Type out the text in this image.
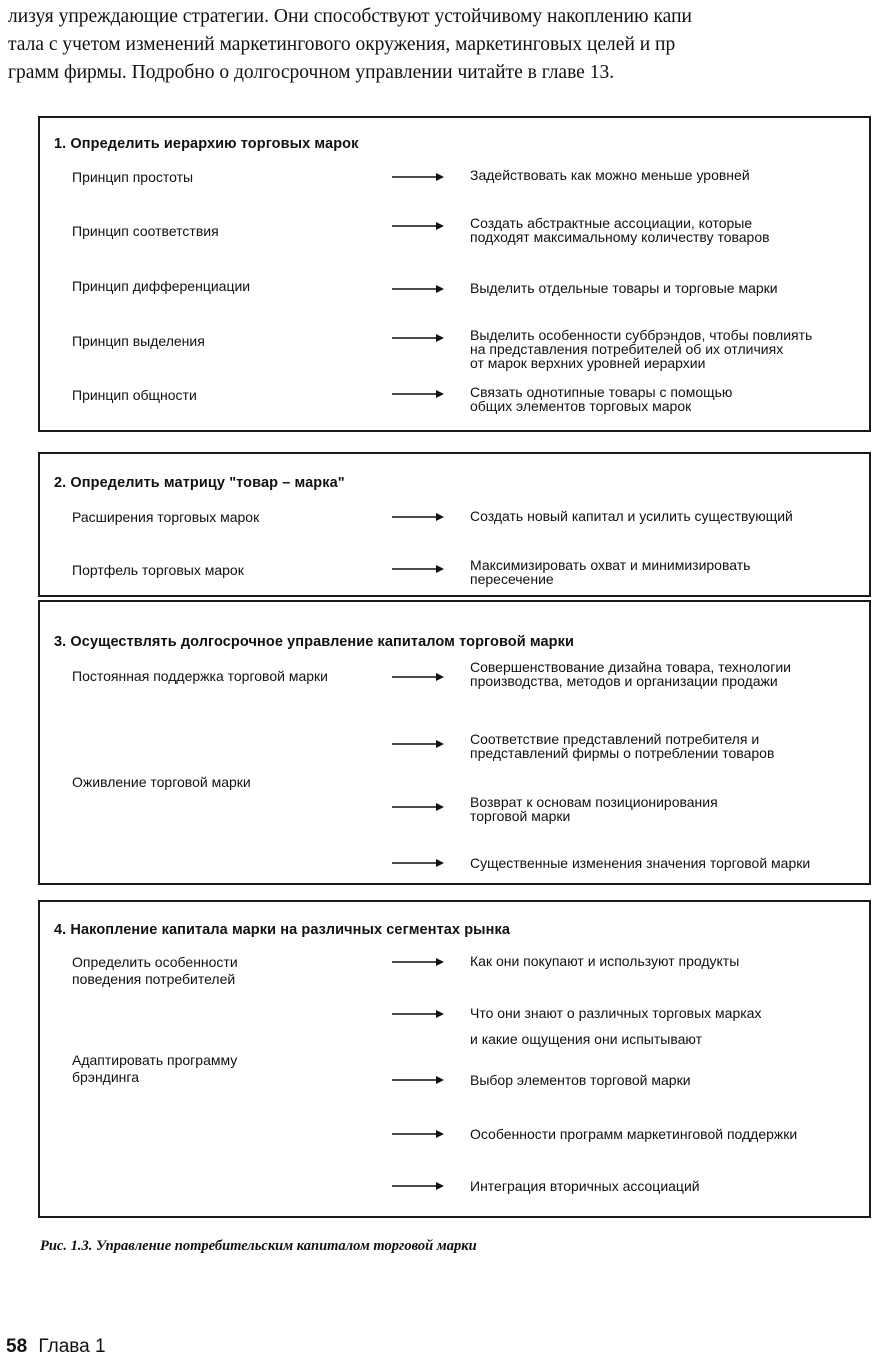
лизуя упреждающие стратегии. Они способствуют устойчивому накоплению капи
тала с учетом изменений маркетингового окружения, маркетинговых целей и пр
грамм фирмы. Подробно о долгосрочном управлении читайте в главе 13.
1. Определить иерархию торговых марок
Принцип простоты
Принцип соответствия
Принцип дифференциации
Принцип выделения
Принцип общности
Задействовать как можно меньше уровней
Создать абстрактные ассоциации, которые
подходят максимальному количеству товаров
Выделить отдельные товары и торговые марки
Выделить особенности суббрэндов, чтобы повлиять
на представления потребителей об их отличиях
от марок верхних уровней иерархии
Связать однотипные товары с помощью
общих элементов торговых марок
2. Определить матрицу "товар – марка"
Расширения торговых марок
Портфель торговых марок
Создать новый капитал и усилить существующий
Максимизировать охват и минимизировать
пересечение
3. Осуществлять долгосрочное управление капиталом торговой марки
Постоянная поддержка торговой марки
Оживление торговой марки
Совершенствование дизайна товара, технологии
производства, методов и организации продажи
Соответствие представлений потребителя и
представлений фирмы о потреблении товаров
Возврат к основам позиционирования
торговой марки
Существенные изменения значения торговой марки
4. Накопление капитала марки на различных сегментах рынка
Определить особенности
поведения потребителей
Адаптировать программу
брэндинга
Как они покупают и используют продукты
Что они знают о различных торговых марках
и какие ощущения они испытывают
Выбор элементов торговой марки
Особенности программ маркетинговой поддержки
Интеграция вторичных ассоциаций
Рис. 1.3. Управление потребительским капиталом торговой марки
58 Глава 1
